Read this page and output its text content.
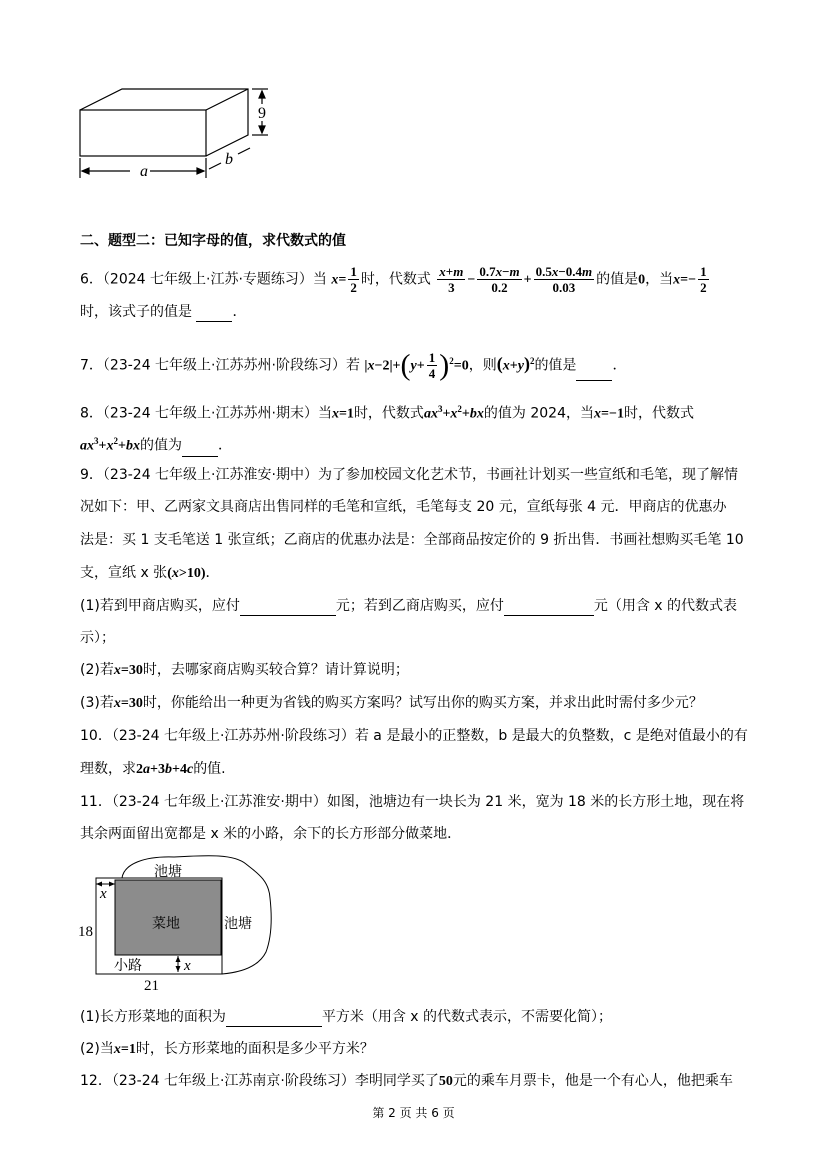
a
b
9
二、题型二：已知字母的值，求代数式的值
6．（2024 七年级上·江苏·专题练习）当 $x= \frac{1}{2}$ 时，代数式 $\frac{x+m}{3} - \frac{0.7x-m}{0.2} + \frac{0.5x-0.4m}{0.03}$ 的值是0，当$x=- \frac{1}{2}$
时，该式子的值是	．
7．（23-24 七年级上·江苏苏州·阶段练习）若 $|x-2|+(y+ \frac{1}{4} )^2=0$，则$(x+y)^2$的值是	．
8．（23-24 七年级上·江苏苏州·期末）当x=1时，代数式$ax^3+x^2+bx$的值为 2024，当x=−1时，代数式
$ax^3+x^2+bx$的值为	．
9．（23-24 七年级上·江苏淮安·期中）为了参加校园文化艺术节，书画社计划买一些宣纸和毛笔，现了解情
况如下：甲、乙两家文具商店出售同样的毛笔和宣纸，毛笔每支 20 元，宣纸每张 4 元．甲商店的优惠办
法是：买 1 支毛笔送 1 张宣纸；乙商店的优惠办法是：全部商品按定价的 9 折出售．书画社想购买毛笔 10
支，宣纸 x 张(x>10)．
(1)若到甲商店购买，应付	元；若到乙商店购买，应付	元（用含 x 的代数式表
示）；
(2)若x=30时，去哪家商店购买较合算？请计算说明；
(3)若x=30时，你能给出一种更为省钱的购买方案吗？试写出你的购买方案，并求出此时需付多少元？
10．（23-24 七年级上·江苏苏州·阶段练习）若 a 是最小的正整数，b 是最大的负整数，c 是绝对值最小的有
理数，求2a+3b+4c的值.
11．（23-24 七年级上·江苏淮安·期中）如图，池塘边有一块长为 21 米，宽为 18 米的长方形土地，现在将
其余两面留出宽都是 x 米的小路，余下的长方形部分做菜地．
x
x
池塘
池塘
菜地
小路
21
18
(1)长方形菜地的面积为	平方米（用含 x 的代数式表示，不需要化简）；
(2)当x=1时，长方形菜地的面积是多少平方米？
12．（23-24 七年级上·江苏南京·阶段练习）李明同学买了50元的乘车月票卡，他是一个有心人，他把乘车
第 2 页 共 6 页
